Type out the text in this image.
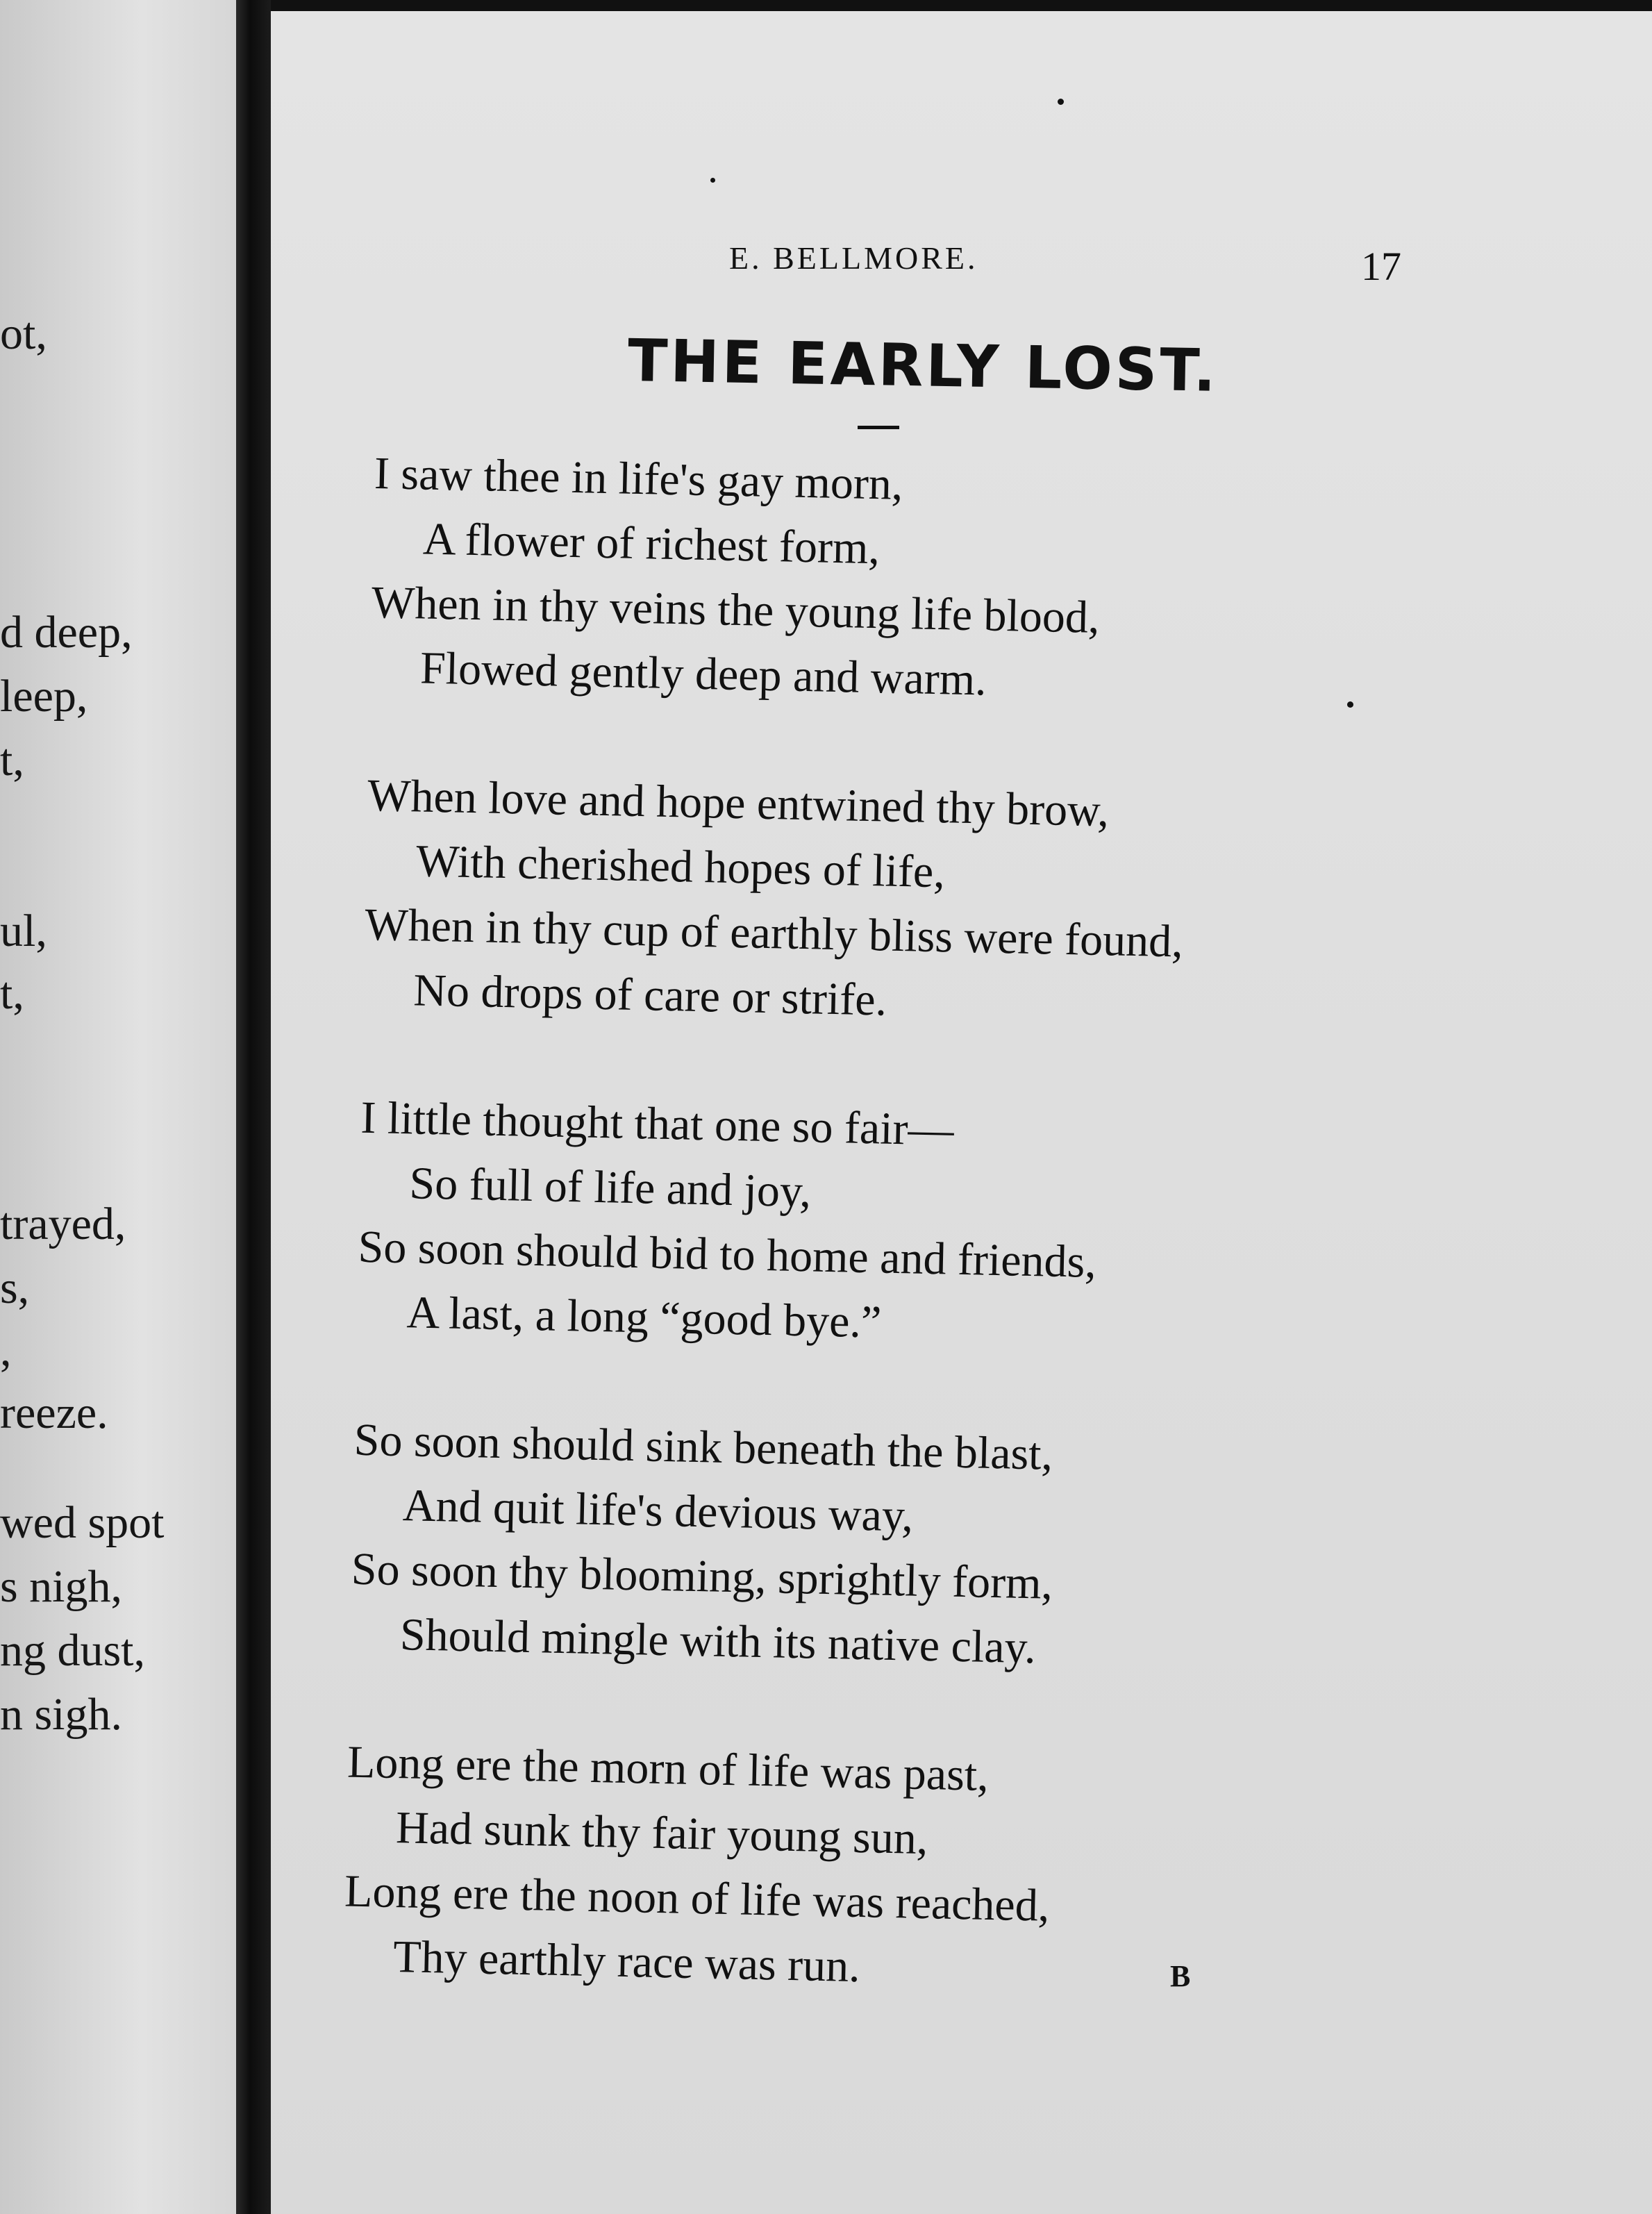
ot,

d deep,

leep,

t,

ul,

t,

trayed,

s,

,

reeze.

wed spot

s nigh,

ng dust,

n sigh.

E. BELLMORE.	17

THE EARLY LOST.
I saw thee in life's gay morn,
A flower of richest form,
When in thy veins the young life blood,
Flowed gently deep and warm.
When love and hope entwined thy brow,
With cherished hopes of life,
When in thy cup of earthly bliss were found,
No drops of care or strife.
I little thought that one so fair—
So full of life and joy,
So soon should bid to home and friends,
A last, a long “good bye.”
So soon should sink beneath the blast,
And quit life's devious way,
So soon thy blooming, sprightly form,
Should mingle with its native clay.
Long ere the morn of life was past,
Had sunk thy fair young sun,
Long ere the noon of life was reached,
Thy earthly race was run.	B
